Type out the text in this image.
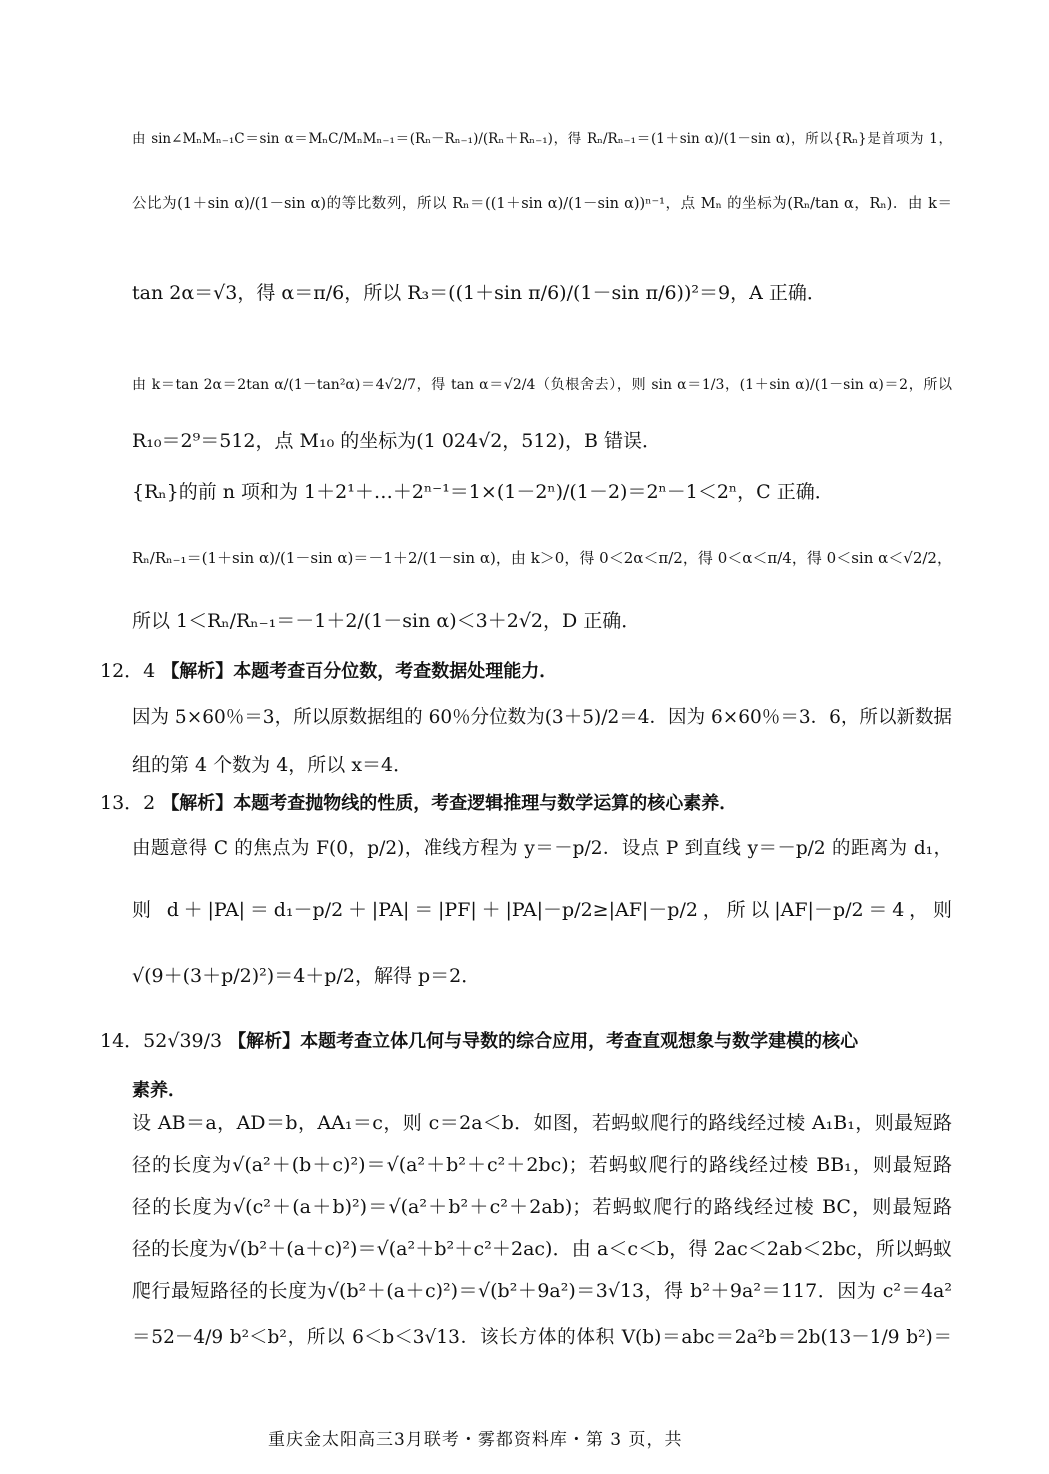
由 sin∠MₙMₙ₋₁C＝sin α＝MₙC/MₙMₙ₋₁＝(Rₙ－Rₙ₋₁)/(Rₙ＋Rₙ₋₁)，得 Rₙ/Rₙ₋₁＝(1＋sin α)/(1－sin α)，所以{Rₙ}是首项为 1，
公比为(1＋sin α)/(1－sin α)的等比数列，所以 Rₙ＝((1＋sin α)/(1－sin α))ⁿ⁻¹，点 Mₙ 的坐标为(Rₙ/tan α，Rₙ)．由 k＝
tan 2α＝√3，得 α＝π/6，所以 R₃＝((1＋sin π/6)/(1－sin π/6))²＝9，A 正确．
由 k＝tan 2α＝2tan α/(1－tan²α)＝4√2/7，得 tan α＝√2/4（负根舍去），则 sin α＝1/3，(1＋sin α)/(1－sin α)＝2，所以
R₁₀＝2⁹＝512，点 M₁₀ 的坐标为(1 024√2，512)，B 错误．
{Rₙ}的前 n 项和为 1＋2¹＋…＋2ⁿ⁻¹＝1×(1－2ⁿ)/(1－2)＝2ⁿ－1＜2ⁿ，C 正确．
Rₙ/Rₙ₋₁＝(1＋sin α)/(1－sin α)＝－1＋2/(1－sin α)，由 k＞0，得 0＜2α＜π/2，得 0＜α＜π/4，得 0＜sin α＜√2/2，
所以 1＜Rₙ/Rₙ₋₁＝－1＋2/(1－sin α)＜3＋2√2，D 正确．
12．4 【解析】本题考查百分位数，考查数据处理能力．
因为 5×60％＝3，所以原数据组的 60％分位数为(3＋5)/2＝4．因为 6×60％＝3．6，所以新数据
组的第 4 个数为 4，所以 x＝4．
13．2 【解析】本题考查抛物线的性质，考查逻辑推理与数学运算的核心素养．
由题意得 C 的焦点为 F(0，p/2)，准线方程为 y＝－p/2．设点 P 到直线 y＝－p/2 的距离为 d₁，
则 d＋|PA|＝d₁－p/2＋|PA|＝|PF|＋|PA|－p/2≥|AF|－p/2，所以|AF|－p/2＝4，则
√(9＋(3＋p/2)²)＝4＋p/2，解得 p＝2．
14．52√39/3 【解析】本题考查立体几何与导数的综合应用，考查直观想象与数学建模的核心
素养．
设 AB＝a，AD＝b，AA₁＝c，则 c＝2a＜b．如图，若蚂蚁爬行的路线经过棱 A₁B₁，则最短路
径的长度为√(a²＋(b＋c)²)＝√(a²＋b²＋c²＋2bc)；若蚂蚁爬行的路线经过棱 BB₁，则最短路
径的长度为√(c²＋(a＋b)²)＝√(a²＋b²＋c²＋2ab)；若蚂蚁爬行的路线经过棱 BC，则最短路
径的长度为√(b²＋(a＋c)²)＝√(a²＋b²＋c²＋2ac)．由 a＜c＜b，得 2ac＜2ab＜2bc，所以蚂蚁
爬行最短路径的长度为√(b²＋(a＋c)²)＝√(b²＋9a²)＝3√13，得 b²＋9a²＝117．因为 c²＝4a²
＝52－4/9 b²＜b²，所以 6＜b＜3√13．该长方体的体积 V(b)＝abc＝2a²b＝2b(13－1/9 b²)＝
重庆金太阳高三3月联考・雾都资料库・第 3 页，共
